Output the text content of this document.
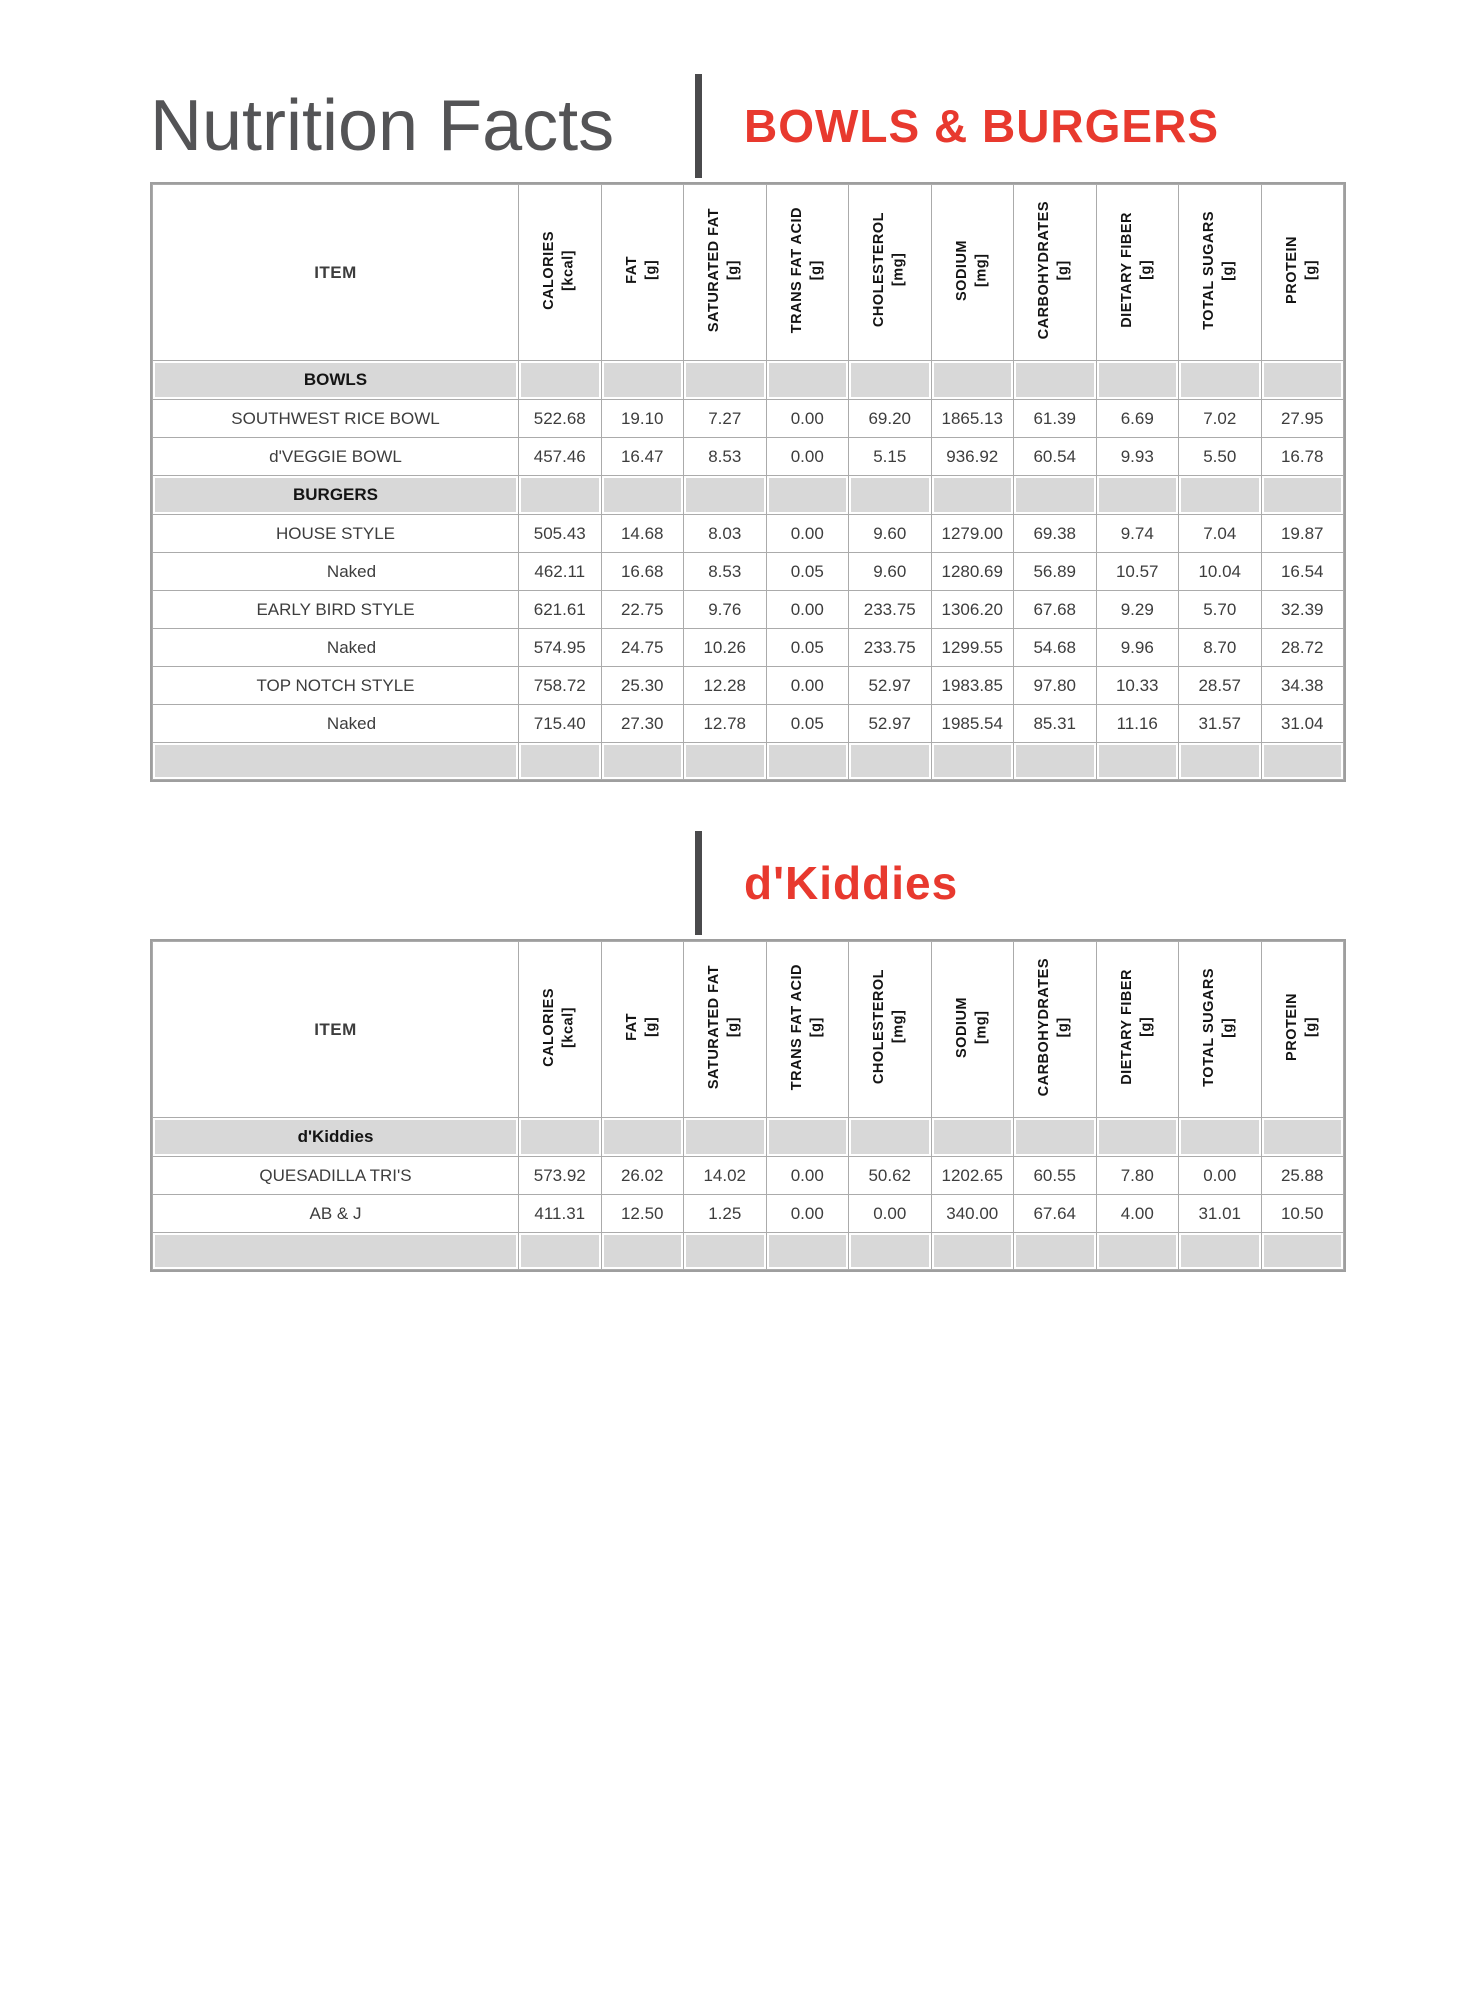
Nutrition Facts	BOWLS & BURGERS
ITEM	CALORIES [kcal]	FAT [g]	SATURATED FAT [g]	TRANS FAT ACID [g]	CHOLESTEROL [mg]	SODIUM [mg]	CARBOHYDRATES [g]	DIETARY FIBER [g]	TOTAL SUGARS [g]	PROTEIN [g]
BOWLS										
SOUTHWEST RICE BOWL	522.68	19.10	7.27	0.00	69.20	1865.13	61.39	6.69	7.02	27.95
d'VEGGIE BOWL	457.46	16.47	8.53	0.00	5.15	936.92	60.54	9.93	5.50	16.78
BURGERS										
HOUSE STYLE	505.43	14.68	8.03	0.00	9.60	1279.00	69.38	9.74	7.04	19.87
Naked	462.11	16.68	8.53	0.05	9.60	1280.69	56.89	10.57	10.04	16.54
EARLY BIRD STYLE	621.61	22.75	9.76	0.00	233.75	1306.20	67.68	9.29	5.70	32.39
Naked	574.95	24.75	10.26	0.05	233.75	1299.55	54.68	9.96	8.70	28.72
TOP NOTCH STYLE	758.72	25.30	12.28	0.00	52.97	1983.85	97.80	10.33	28.57	34.38
Naked	715.40	27.30	12.78	0.05	52.97	1985.54	85.31	11.16	31.57	31.04

d'Kiddies
ITEM	CALORIES [kcal]	FAT [g]	SATURATED FAT [g]	TRANS FAT ACID [g]	CHOLESTEROL [mg]	SODIUM [mg]	CARBOHYDRATES [g]	DIETARY FIBER [g]	TOTAL SUGARS [g]	PROTEIN [g]
d'Kiddies										
QUESADILLA TRI'S	573.92	26.02	14.02	0.00	50.62	1202.65	60.55	7.80	0.00	25.88
AB & J	411.31	12.50	1.25	0.00	0.00	340.00	67.64	4.00	31.01	10.50
